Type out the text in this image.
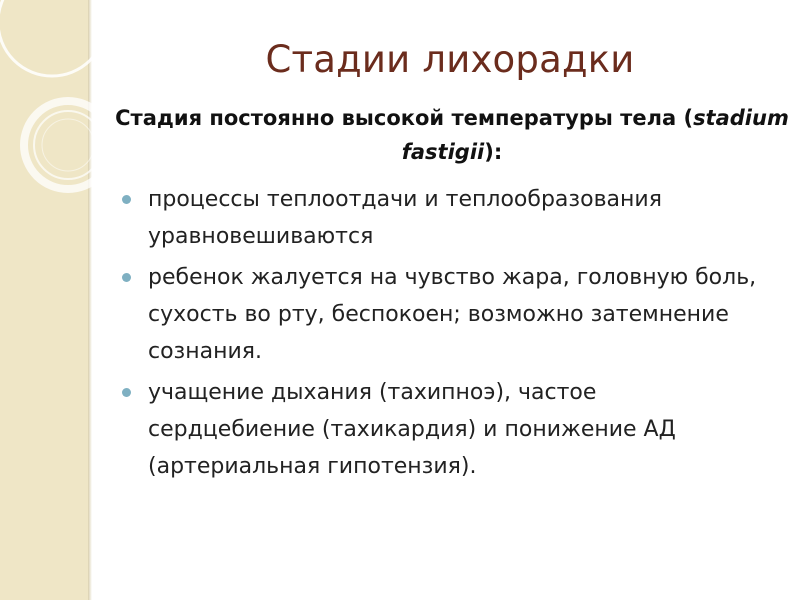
Стадии лихорадки
Стадия постоянно высокой температуры тела (stadium fastigii):
процессы теплоотдачи и теплообразования уравновешиваются
ребенок жалуется на чувство жара, головную боль, сухость во рту, беспокоен; возможно затемнение сознания.
учащение дыхания (тахипноэ), частое сердцебиение (тахикардия) и понижение АД (артериальная гипотензия).
